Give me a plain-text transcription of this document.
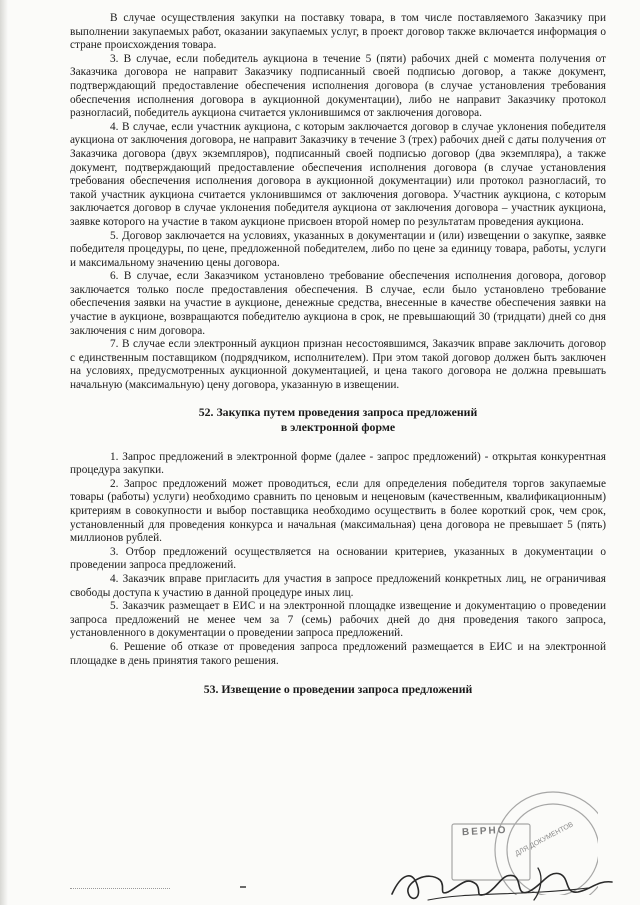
В случае осуществления закупки на поставку товара, в том числе поставляемого Заказчику при выполнении закупаемых работ, оказании закупаемых услуг, в проект договор также включается информация о стране происхождения товара.

3. В случае, если победитель аукциона в течение 5 (пяти) рабочих дней с момента получения от Заказчика договора не направит Заказчику подписанный своей подписью договор, а также документ, подтверждающий предоставление обеспечения исполнения договора (в случае установления требования обеспечения исполнения договора в аукционной документации), либо не направит Заказчику протокол разногласий, победитель аукциона считается уклонившимся от заключения договора.

4. В случае, если участник аукциона, с которым заключается договор в случае уклонения победителя аукциона от заключения договора, не направит Заказчику в течение 3 (трех) рабочих дней с даты получения от Заказчика договора (двух экземпляров), подписанный своей подписью договор (два экземпляра), а также документ, подтверждающий предоставление обеспечения исполнения договора (в случае установления требования обеспечения исполнения договора в аукционной документации) или протокол разногласий, то такой участник аукциона считается уклонившимся от заключения договора. Участник аукциона, с которым заключается договор в случае уклонения победителя аукциона от заключения договора – участник аукциона, заявке которого на участие в таком аукционе присвоен второй номер по результатам проведения аукциона.

5. Договор заключается на условиях, указанных в документации и (или) извещении о закупке, заявке победителя процедуры, по цене, предложенной победителем, либо по цене за единицу товара, работы, услуги и максимальному значению цены договора.

6. В случае, если Заказчиком установлено требование обеспечения исполнения договора, договор заключается только после предоставления обеспечения. В случае, если было установлено требование обеспечения заявки на участие в аукционе, денежные средства, внесенные в качестве обеспечения заявки на участие в аукционе, возвращаются победителю аукциона в срок, не превышающий 30 (тридцати) дней со дня заключения с ним договора.

7. В случае если электронный аукцион признан несостоявшимся, Заказчик вправе заключить договор с единственным поставщиком (подрядчиком, исполнителем). При этом такой договор должен быть заключен на условиях, предусмотренных аукционной документацией, и цена такого договора не должна превышать начальную (максимальную) цену договора, указанную в извещении.

52. Закупка путем проведения запроса предложений
в электронной форме

1. Запрос предложений в электронной форме (далее - запрос предложений) - открытая конкурентная процедура закупки.

2. Запрос предложений может проводиться, если для определения победителя торгов закупаемые товары (работы) услуги) необходимо сравнить по ценовым и неценовым (качественным, квалификационным) критериям в совокупности и выбор поставщика необходимо осуществить в более короткий срок, чем срок, установленный для проведения конкурса и начальная (максимальная) цена договора не превышает 5 (пять) миллионов рублей.

3. Отбор предложений осуществляется на основании критериев, указанных в документации о проведении запроса предложений.

4. Заказчик вправе пригласить для участия в запросе предложений конкретных лиц, не ограничивая свободы доступа к участию в данной процедуре иных лиц.

5. Заказчик размещает в ЕИС и на электронной площадке извещение и документацию о проведении запроса предложений не менее чем за 7 (семь) рабочих дней до дня проведения такого запроса, установленного в документации о проведении запроса предложений.

6. Решение об отказе от проведения запроса предложений размещается в ЕИС и на электронной площадке в день принятия такого решения.

53. Извещение о проведении запроса предложений
ВЕРНО ДЛЯ ДОКУМЕНТОВ
